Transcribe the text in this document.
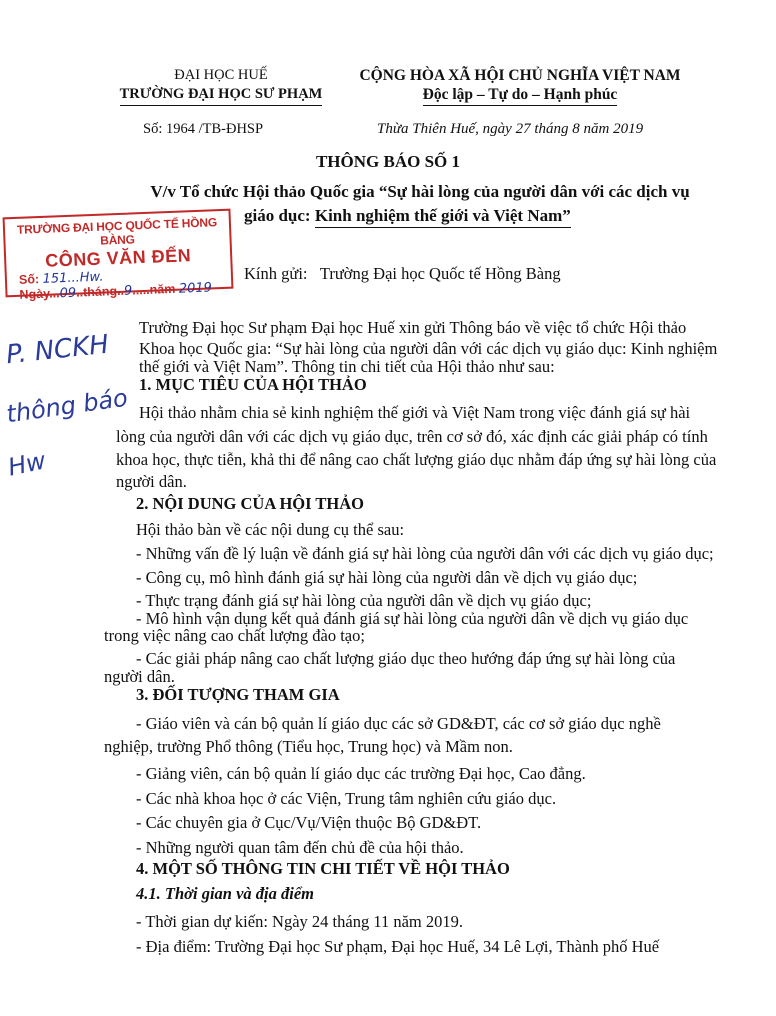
ĐẠI HỌC HUẾ
TRƯỜNG ĐẠI HỌC SƯ PHẠM
CỘNG HÒA XÃ HỘI CHỦ NGHĨA VIỆT NAM
Độc lập – Tự do – Hạnh phúc
Số: 1964 /TB-ĐHSP	Thừa Thiên Huế, ngày 27 tháng 8 năm 2019
THÔNG BÁO SỐ 1
V/v Tổ chức Hội thảo Quốc gia “Sự hài lòng của người dân với các dịch vụ
giáo dục: Kinh nghiệm thế giới và Việt Nam”
TRƯỜNG ĐẠI HỌC QUỐC TẾ HỒNG BÀNG
CÔNG VĂN ĐẾN
Số: 151...Hw.
Ngày...09..tháng..9.....năm 2019
P. NCKH
thông báo
Hw
Kính gửi: Trường Đại học Quốc tế Hồng Bàng
Trường Đại học Sư phạm Đại học Huế xin gửi Thông báo về việc tổ chức Hội thảo
Khoa học Quốc gia: “Sự hài lòng của người dân với các dịch vụ giáo dục: Kinh nghiệm
thế giới và Việt Nam”. Thông tin chi tiết của Hội thảo như sau:
1. MỤC TIÊU CỦA HỘI THẢO
Hội thảo nhằm chia sẻ kinh nghiệm thế giới và Việt Nam trong việc đánh giá sự hài
lòng của người dân với các dịch vụ giáo dục, trên cơ sở đó, xác định các giải pháp có tính
khoa học, thực tiễn, khả thi để nâng cao chất lượng giáo dục nhằm đáp ứng sự hài lòng của
người dân.
2. NỘI DUNG CỦA HỘI THẢO
Hội thảo bàn về các nội dung cụ thể sau:
- Những vấn đề lý luận về đánh giá sự hài lòng của người dân với các dịch vụ giáo dục;
- Công cụ, mô hình đánh giá sự hài lòng của người dân về dịch vụ giáo dục;
- Thực trạng đánh giá sự hài lòng của người dân về dịch vụ giáo dục;
- Mô hình vận dụng kết quả đánh giá sự hài lòng của người dân về dịch vụ giáo dục
trong việc nâng cao chất lượng đào tạo;
- Các giải pháp nâng cao chất lượng giáo dục theo hướng đáp ứng sự hài lòng của
người dân.
3. ĐỐI TƯỢNG THAM GIA
- Giáo viên và cán bộ quản lí giáo dục các sở GD&ĐT, các cơ sở giáo dục nghề
nghiệp, trường Phổ thông (Tiểu học, Trung học) và Mầm non.
- Giảng viên, cán bộ quản lí giáo dục các trường Đại học, Cao đẳng.
- Các nhà khoa học ở các Viện, Trung tâm nghiên cứu giáo dục.
- Các chuyên gia ở Cục/Vụ/Viện thuộc Bộ GD&ĐT.
- Những người quan tâm đến chủ đề của hội thảo.
4. MỘT SỐ THÔNG TIN CHI TIẾT VỀ HỘI THẢO
4.1. Thời gian và địa điểm
- Thời gian dự kiến: Ngày 24 tháng 11 năm 2019.
- Địa điểm: Trường Đại học Sư phạm, Đại học Huế, 34 Lê Lợi, Thành phố Huế
